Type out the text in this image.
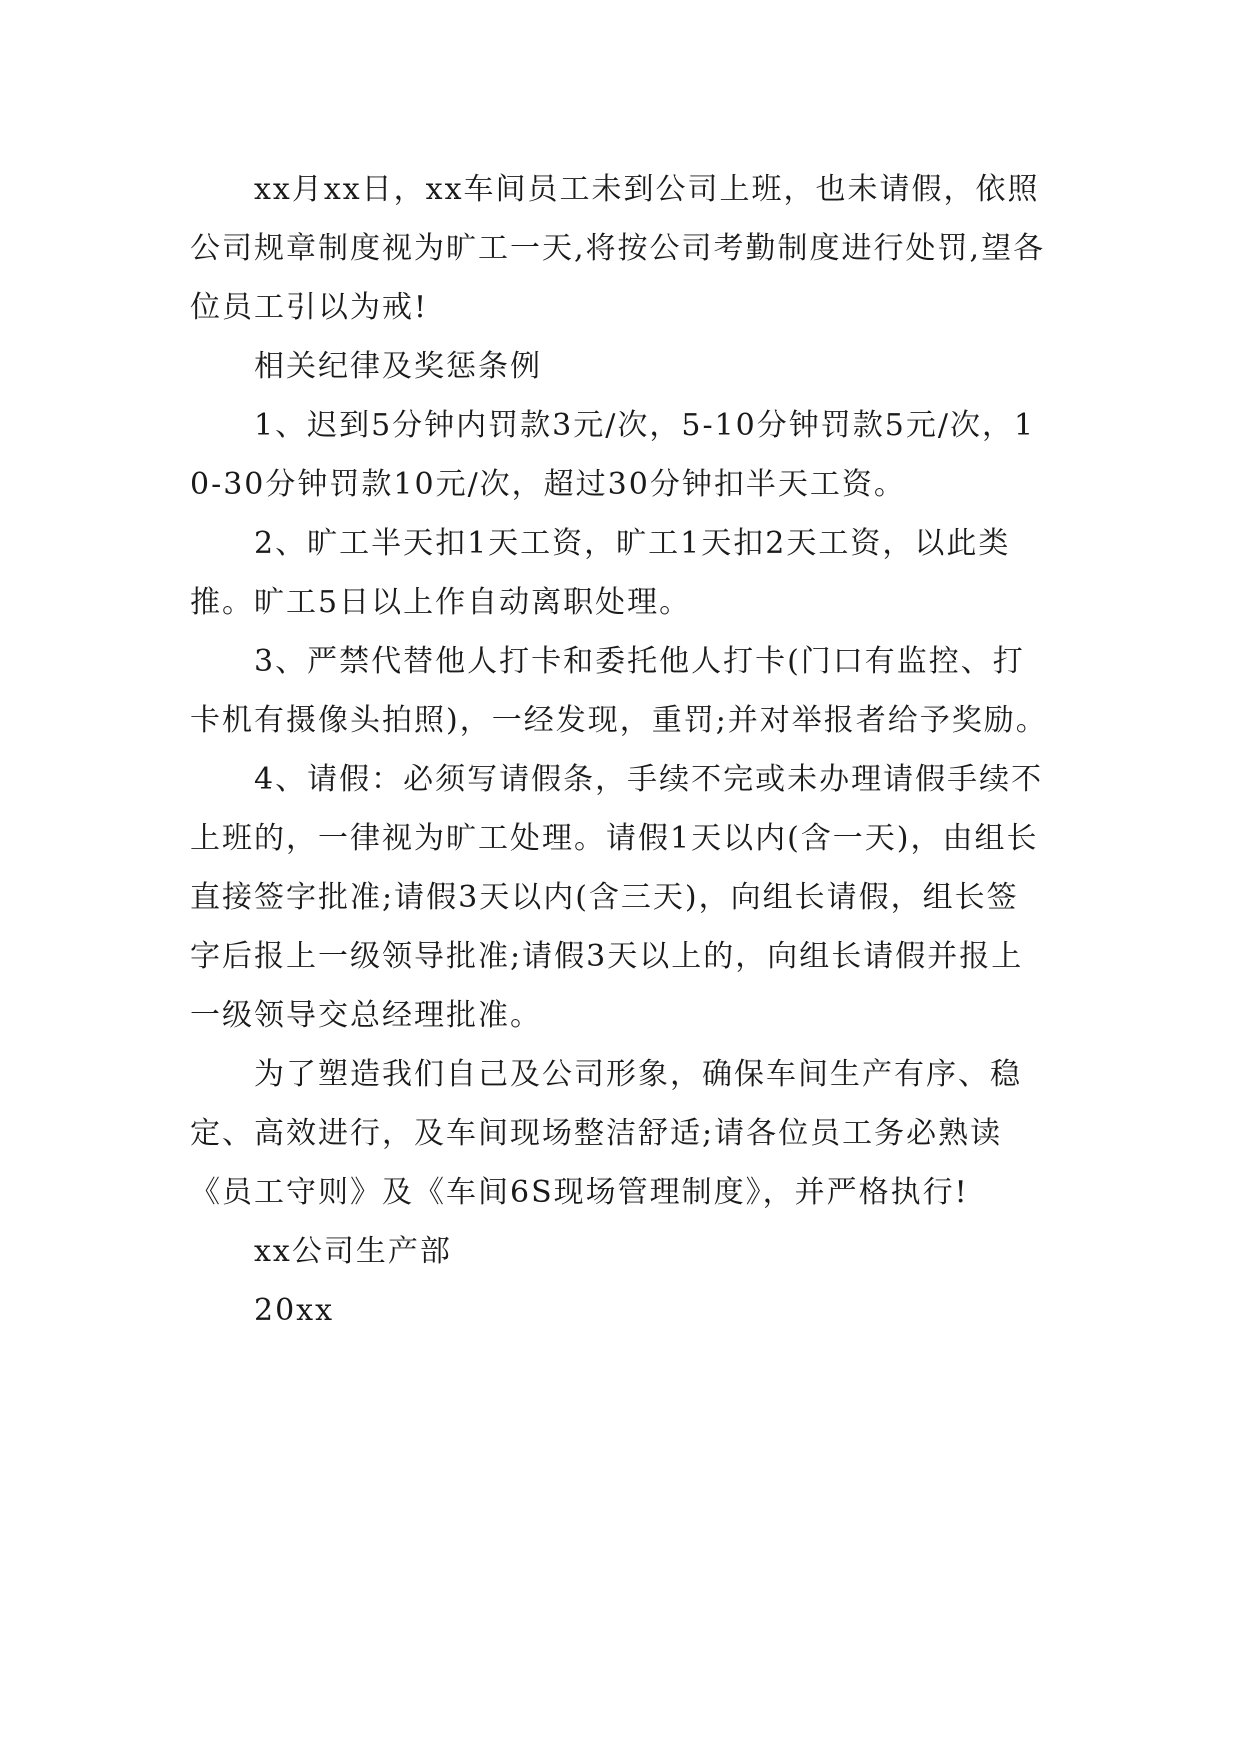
xx月xx日，xx车间员工未到公司上班，也未请假，依照公司规章制度视为旷工一天,将按公司考勤制度进行处罚,望各位员工引以为戒!

相关纪律及奖惩条例

1、迟到5分钟内罚款3元/次，5-10分钟罚款5元/次，10-30分钟罚款10元/次，超过30分钟扣半天工资。

2、旷工半天扣1天工资，旷工1天扣2天工资，以此类推。旷工5日以上作自动离职处理。

3、严禁代替他人打卡和委托他人打卡(门口有监控、打卡机有摄像头拍照)，一经发现，重罚;并对举报者给予奖励。

4、请假：必须写请假条，手续不完或未办理请假手续不上班的，一律视为旷工处理。请假1天以内(含一天)，由组长直接签字批准;请假3天以内(含三天)，向组长请假，组长签字后报上一级领导批准;请假3天以上的，向组长请假并报上一级领导交总经理批准。

为了塑造我们自己及公司形象，确保车间生产有序、稳定、高效进行，及车间现场整洁舒适;请各位员工务必熟读《员工守则》及《车间6S现场管理制度》，并严格执行!

xx公司生产部

20xx
